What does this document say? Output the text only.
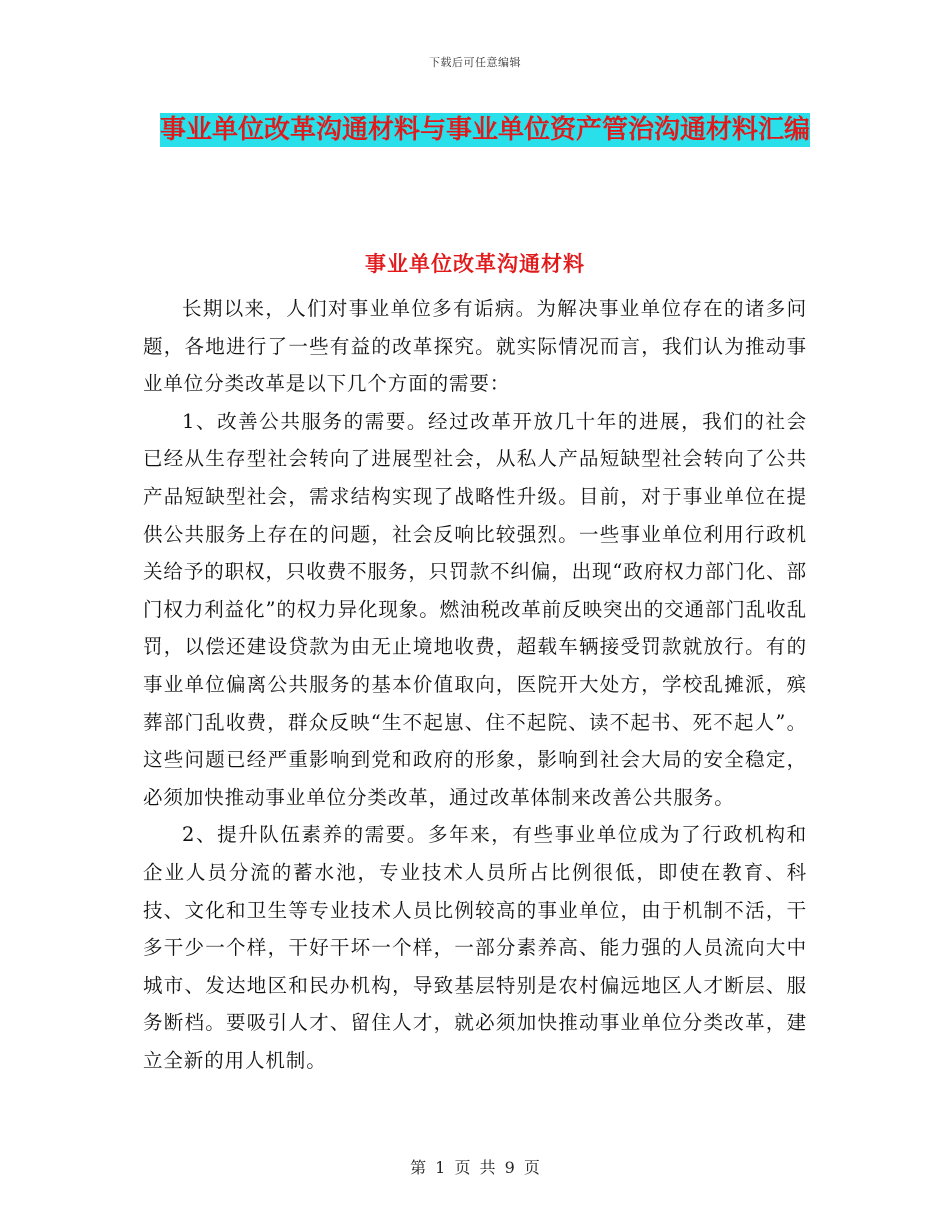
下载后可任意编辑
事业单位改革沟通材料与事业单位资产管治沟通材料汇编
事业单位改革沟通材料

长期以来，人们对事业单位多有诟病。为解决事业单位存在的诸多问题，各地进行了一些有益的改革探究。就实际情况而言，我们认为推动事业单位分类改革是以下几个方面的需要：

1、改善公共服务的需要。经过改革开放几十年的进展，我们的社会已经从生存型社会转向了进展型社会，从私人产品短缺型社会转向了公共产品短缺型社会，需求结构实现了战略性升级。目前，对于事业单位在提供公共服务上存在的问题，社会反响比较强烈。一些事业单位利用行政机关给予的职权，只收费不服务，只罚款不纠偏，出现“政府权力部门化、部门权力利益化”的权力异化现象。燃油税改革前反映突出的交通部门乱收乱罚，以偿还建设贷款为由无止境地收费，超载车辆接受罚款就放行。有的事业单位偏离公共服务的基本价值取向，医院开大处方，学校乱摊派，殡葬部门乱收费，群众反映“生不起崽、住不起院、读不起书、死不起人”。这些问题已经严重影响到党和政府的形象，影响到社会大局的安全稳定，必须加快推动事业单位分类改革，通过改革体制来改善公共服务。

2、提升队伍素养的需要。多年来，有些事业单位成为了行政机构和企业人员分流的蓄水池，专业技术人员所占比例很低，即使在教育、科技、文化和卫生等专业技术人员比例较高的事业单位，由于机制不活，干多干少一个样，干好干坏一个样，一部分素养高、能力强的人员流向大中城市、发达地区和民办机构，导致基层特别是农村偏远地区人才断层、服务断档。要吸引人才、留住人才，就必须加快推动事业单位分类改革，建立全新的用人机制。

第 1 页 共 9 页
